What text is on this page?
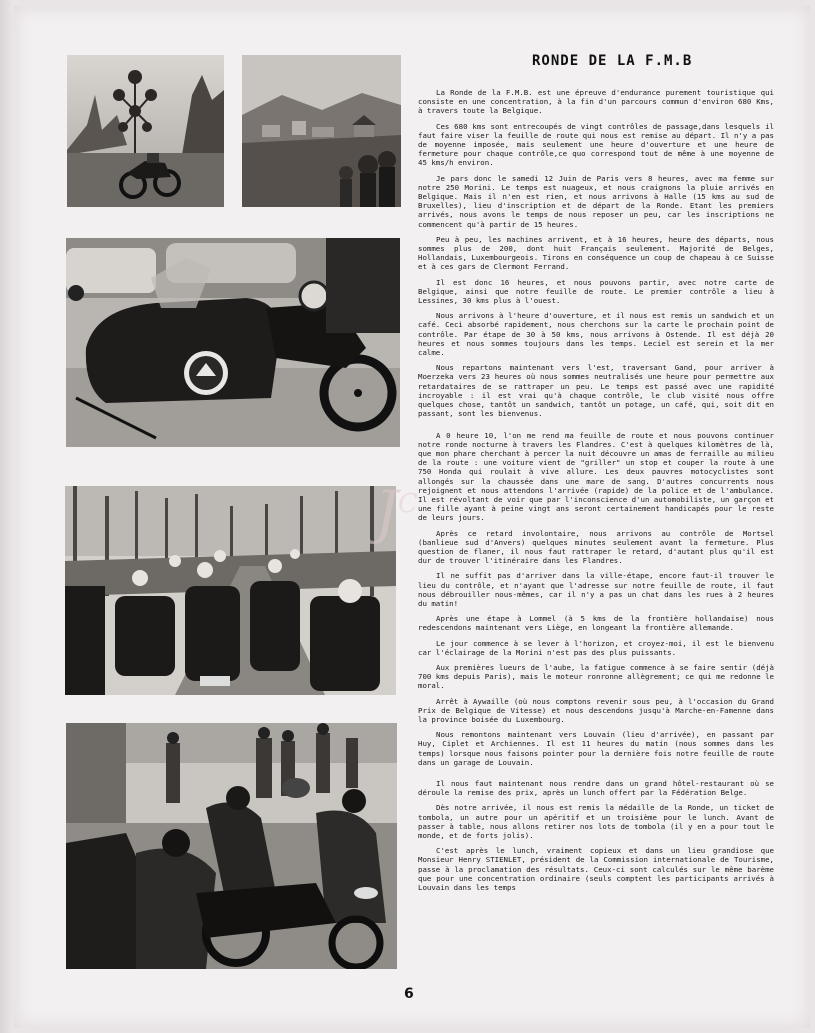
J C
RONDE DE LA F.M.B

La Ronde de la F.M.B. est une épreuve d'endurance purement touristique qui consiste en une concentration, à la fin d'un parcours commun d'environ 680 Kms, à travers toute la Belgique.

Ces 680 kms sont entrecoupés de vingt contrôles de passage,dans lesquels il faut faire viser la feuille de route qui nous est remise au départ. Il n'y a pas de moyenne imposée, mais seulement une heure d'ouverture et une heure de fermeture pour chaque contrôle,ce quo correspond tout de même à une moyenne de 45 kms/h environ.

Je pars donc le samedi 12 Juin de Paris vers 8 heures, avec ma femme sur notre 250 Morini. Le temps est nuageux, et nous craignons la pluie arrivés en Belgique. Mais il n'en est rien, et nous arrivons à Halle (15 kms au sud de Bruxelles), lieu d'inscription et de départ de la Ronde. Etant les premiers arrivés, nous avons le temps de nous reposer un peu, car les inscriptions ne commencent qu'à partir de 15 heures.

Peu à peu, les machines arrivent, et à 16 heures, heure des départs, nous sommes plus de 200, dont huit Français seulement. Majorité de Belges, Hollandais, Luxembourgeois. Tirons en conséquence un coup de chapeau à ce Suisse et à ces gars de Clermont Ferrand.

Il est donc 16 heures, et nous pouvons partir, avec notre carte de Belgique, ainsi que notre feuille de route. Le premier contrôle a lieu à Lessines, 30 kms plus à l'ouest.

Nous arrivons à l'heure d'ouverture, et il nous est remis un sandwich et un café. Ceci absorbé rapidement, nous cherchons sur la carte le prochain point de contrôle. Par étape de 30 à 50 kms, nous arrivons à Ostende. Il est déjà 20 heures et nous sommes toujours dans les temps. Leciel est serein et la mer calme.

Nous repartons maintenant vers l'est, traversant Gand, pour arriver à Moerzeka vers 23 heures où nous sommes neutralisés une heure pour permettre aux retardataires de se rattraper un peu. Le temps est passé avec une rapidité incroyable : il est vrai qu'à chaque contrôle, le club visité nous offre quelques chose, tantôt un sandwich, tantôt un potage, un café, qui, soit dit en passant, sont les bienvenus.

A 0 heure 10, l'on me rend ma feuille de route et nous pouvons continuer notre ronde nocturne à travers les Flandres. C'est à quelques kilomètres de là, que mon phare cherchant à percer la nuit découvre un amas de ferraille au milieu de la route : une voiture vient de "griller" un stop et couper la route à une 750 Honda qui roulait à vive allure. Les deux pauvres motocyclistes sont allongés sur la chaussée dans une mare de sang. D'autres concurrents nous rejoignent et nous attendons l'arrivée (rapide) de la police et de l'ambulance. Il est révoltant de voir que par l'inconscience d'un automobiliste, un garçon et une fille ayant à peine vingt ans seront certainement handicapés pour le reste de leurs jours.

Après ce retard involontaire, nous arrivons au contrôle de Mortsel (banlieue sud d'Anvers) quelques minutes seulement avant la fermeture. Plus question de flaner, il nous faut rattraper le retard, d'autant plus qu'il est dur de trouver l'itinéraire dans les Flandres.

Il ne suffit pas d'arriver dans la ville-étape, encore faut-il trouver le lieu du contrôle, et n'ayant que l'adresse sur notre feuille de route, il faut nous débrouiller nous-mêmes, car il n'y a pas un chat dans les rues à 2 heures du matin!

Après une étape à Lommel (à 5 kms de la frontière hollandaise) nous redescendons maintenant vers Liège, en longeant la frontière allemande.

Le jour commence à se lever à l'horizon, et croyez-moi, il est le bienvenu car l'éclairage de la Morini n'est pas des plus puissants.

Aux premières lueurs de l'aube, la fatigue commence à se faire sentir (déjà 700 kms depuis Paris), mais le moteur ronronne allègrement; ce qui me redonne le moral.

Arrêt à Aywaille (où nous comptons revenir sous peu, à l'occasion du Grand Prix de Belgique de Vitesse) et nous descendons jusqu'à Marche-en-Famenne dans la province boisée du Luxembourg.

Nous remontons maintenant vers Louvain (lieu d'arrivée), en passant par Huy, Ciplet et Archiennes. Il est 11 heures du matin (nous sommes dans les temps) lorsque nous faisons pointer pour la dernière fois notre feuille de route dans un garage de Louvain.

Il nous faut maintenant nous rendre dans un grand hôtel-restaurant où se déroule la remise des prix, après un lunch offert par la Fédération Belge.

Dès notre arrivée, il nous est remis la médaille de la Ronde, un ticket de tombola, un autre pour un apéritif et un troisième pour le lunch. Avant de passer à table, nous allons retirer nos lots de tombola (il y en a pour tout le monde, et de forts jolis).

C'est après le lunch, vraiment copieux et dans un lieu grandiose que Monsieur Henry STIENLET, président de la Commission internationale de Tourisme, passe à la proclamation des résultats. Ceux-ci sont calculés sur le même barème que pour une concentration ordinaire (seuls comptent les participants arrivés à Louvain dans les temps

6
